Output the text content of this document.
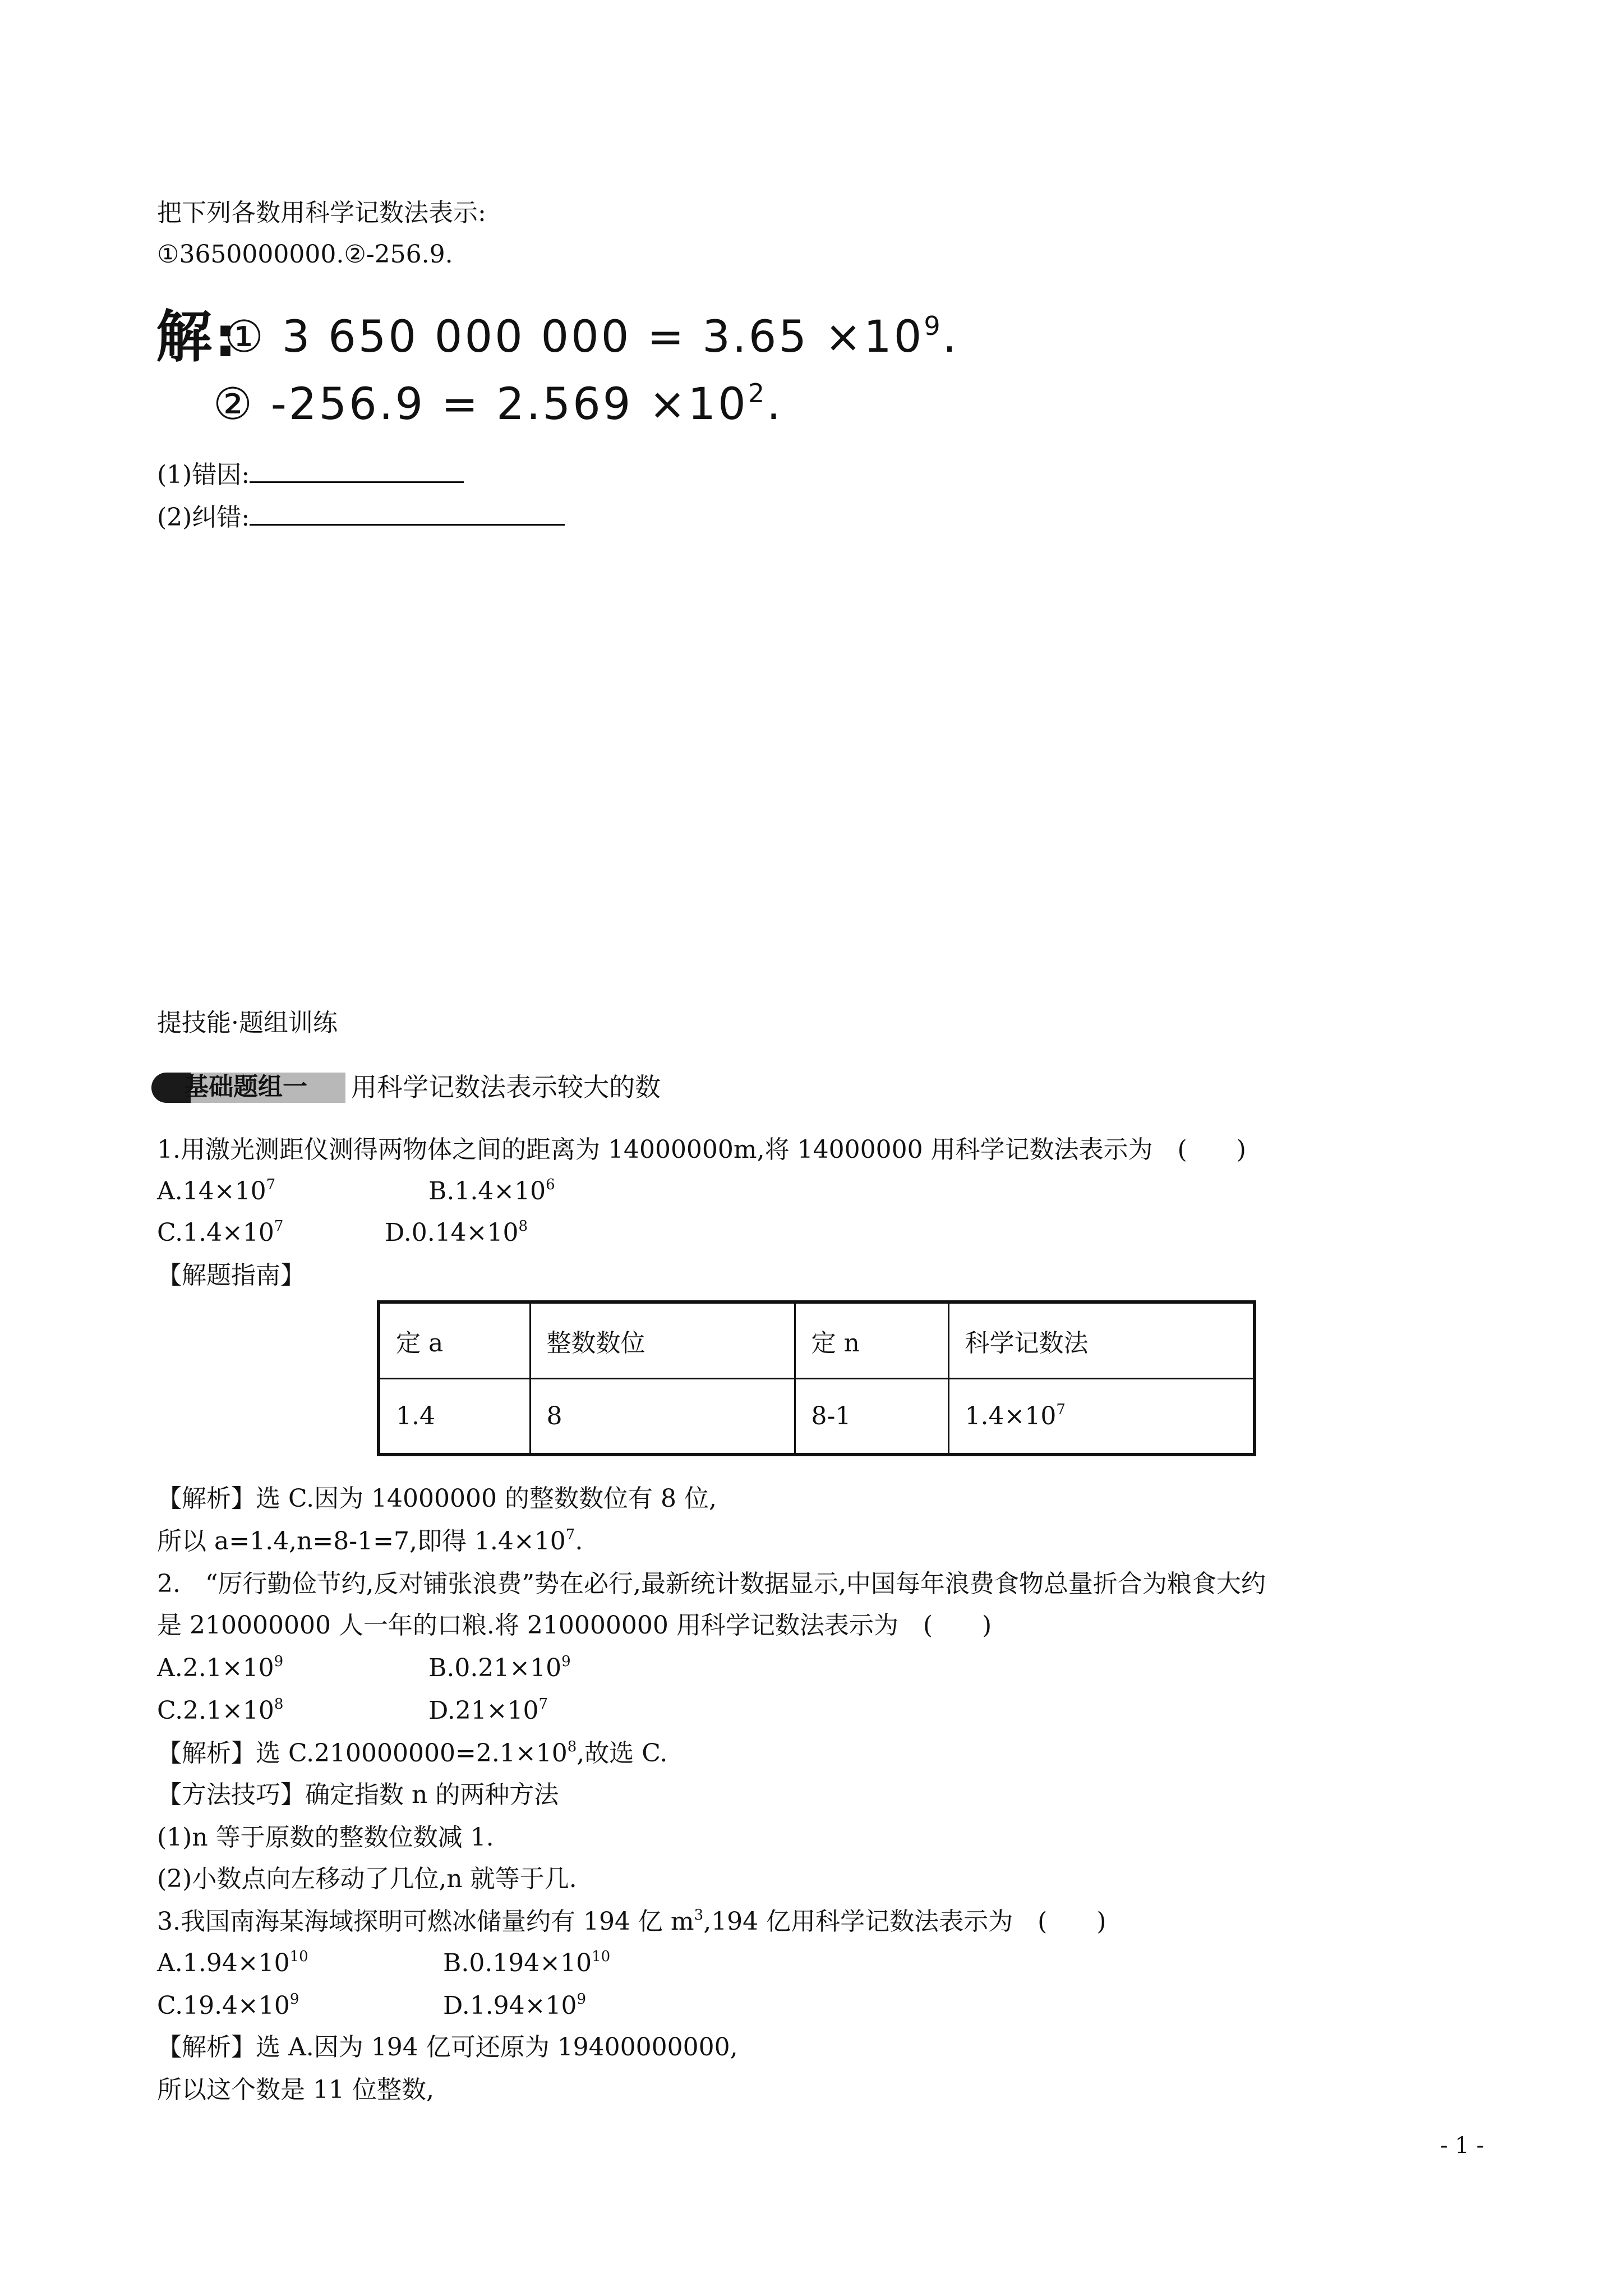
把下列各数用科学记数法表示:
①3650000000.②-256.9.
解:
① 3 650 000 $000 = 3.65 \times 10^9$.
② $-256.9 = 2.569 \times 10^2$.
(1)错因:
(2)纠错:
提技能·题组训练
基础题组一 用科学记数法表示较大的数
1.用激光测距仪测得两物体之间的距离为 14000000m,将 14000000 用科学记数法表示为　(　　)
$A.14\times 10^7$	$B.1.4\times 10^6$
$C.1.4\times 10^7$	$D.0.14\times 10^8$
【解题指南】
定 a	整数数位	定 n	科学记数法
1.4	8	8-1	$1.4\times 10^7$
【解析】选 C.因为 14000000 的整数数位有 8 位,
所以 a=1.4,n=8-1=7,即得 $1.4\times 10^7$.
2.　“厉行勤俭节约,反对铺张浪费”势在必行,最新统计数据显示,中国每年浪费食物总量折合为粮食大约
是 210000000 人一年的口粮.将 210000000 用科学记数法表示为　(　　)
$A.2.1\times 10^9$	$B.0.21\times 10^9$
$C.2.1\times 10^8$	$D.21\times 10^7$
【解析】选 $C.210000000=2.1\times 10^8$,故选 C.
【方法技巧】确定指数 n 的两种方法
(1)n 等于原数的整数位数减 1.
(2)小数点向左移动了几位,n 就等于几.
3.我国南海某海域探明可燃冰储量约有 194 亿 $m^3,194$ 亿用科学记数法表示为　(　　)
$A.1.94\times 10^{10}$	$B.0.194\times 10^{10}$
$C.19.4\times 10^9$	$D.1.94\times 10^9$
【解析】选 A.因为 194 亿可还原为 19400000000,
所以这个数是 11 位整数,
- 1 -
